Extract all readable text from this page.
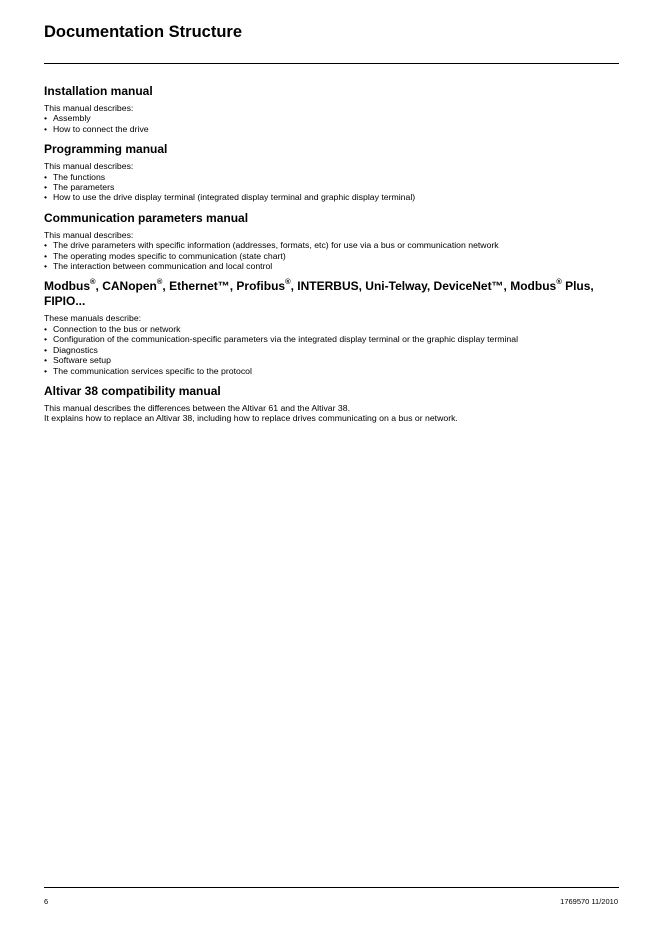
Documentation Structure
Installation manual

This manual describes:

• Assembly
• How to connect the drive
Programming manual

This manual describes:

• The functions
• The parameters
• How to use the drive display terminal (integrated display terminal and graphic display terminal)
Communication parameters manual

This manual describes:

• The drive parameters with specific information (addresses, formats, etc) for use via a bus or communication network
• The operating modes specific to communication (state chart)
• The interaction between communication and local control
Modbus®, CANopen®, Ethernet™, Profibus®, INTERBUS, Uni-Telway, DeviceNet™, Modbus® Plus, FIPIO...

These manuals describe:

• Connection to the bus or network
• Configuration of the communication-specific parameters via the integrated display terminal or the graphic display terminal
• Diagnostics
• Software setup
• The communication services specific to the protocol
Altivar 38 compatibility manual

This manual describes the differences between the Altivar 61 and the Altivar 38.

It explains how to replace an Altivar 38, including how to replace drives communicating on a bus or network.

6	1769570 11/2010
